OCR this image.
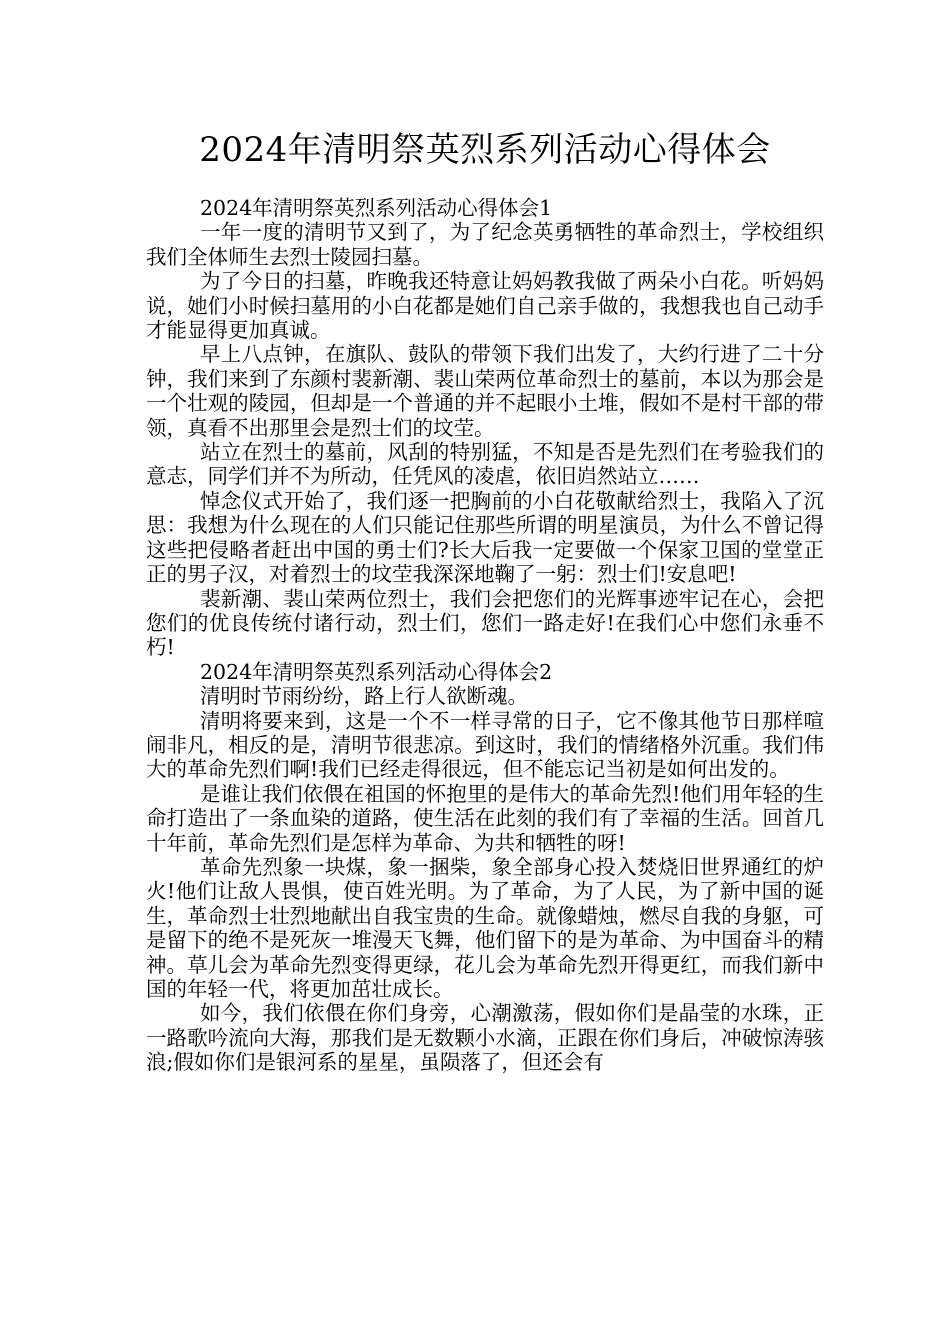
2024年清明祭英烈系列活动心得体会

2024年清明祭英烈系列活动心得体会1

一年一度的清明节又到了，为了纪念英勇牺牲的革命烈士，学校组织我们全体师生去烈士陵园扫墓。

为了今日的扫墓，昨晚我还特意让妈妈教我做了两朵小白花。听妈妈说，她们小时候扫墓用的小白花都是她们自己亲手做的，我想我也自己动手才能显得更加真诚。

早上八点钟，在旗队、鼓队的带领下我们出发了，大约行进了二十分钟，我们来到了东颜村裴新潮、裴山荣两位革命烈士的墓前，本以为那会是一个壮观的陵园，但却是一个普通的并不起眼小土堆，假如不是村干部的带领，真看不出那里会是烈士们的坟茔。

站立在烈士的墓前，风刮的特别猛，不知是否是先烈们在考验我们的意志，同学们并不为所动，任凭风的凌虐，依旧岿然站立……

悼念仪式开始了，我们逐一把胸前的小白花敬献给烈士，我陷入了沉思：我想为什么现在的人们只能记住那些所谓的明星演员，为什么不曾记得这些把侵略者赶出中国的勇士们?长大后我一定要做一个保家卫国的堂堂正正的男子汉，对着烈士的坟茔我深深地鞠了一躬：烈士们!安息吧!

裴新潮、裴山荣两位烈士，我们会把您们的光辉事迹牢记在心，会把您们的优良传统付诸行动，烈士们，您们一路走好!在我们心中您们永垂不朽!

2024年清明祭英烈系列活动心得体会2

清明时节雨纷纷，路上行人欲断魂。

清明将要来到，这是一个不一样寻常的日子，它不像其他节日那样喧闹非凡，相反的是，清明节很悲凉。到这时，我们的情绪格外沉重。我们伟大的革命先烈们啊!我们已经走得很远，但不能忘记当初是如何出发的。

是谁让我们依偎在祖国的怀抱里的是伟大的革命先烈!他们用年轻的生命打造出了一条血染的道路，使生活在此刻的我们有了幸福的生活。回首几十年前，革命先烈们是怎样为革命、为共和牺牲的呀!

革命先烈象一块煤，象一捆柴，象全部身心投入焚烧旧世界通红的炉火!他们让敌人畏惧，使百姓光明。为了革命，为了人民，为了新中国的诞生，革命烈士壮烈地献出自我宝贵的生命。就像蜡烛，燃尽自我的身躯，可是留下的绝不是死灰一堆漫天飞舞，他们留下的是为革命、为中国奋斗的精神。草儿会为革命先烈变得更绿，花儿会为革命先烈开得更红，而我们新中国的年轻一代，将更加茁壮成长。

如今，我们依偎在你们身旁，心潮激荡，假如你们是晶莹的水珠，正一路歌吟流向大海，那我们是无数颗小水滴，正跟在你们身后，冲破惊涛骇浪;假如你们是银河系的星星，虽陨落了，但还会有
